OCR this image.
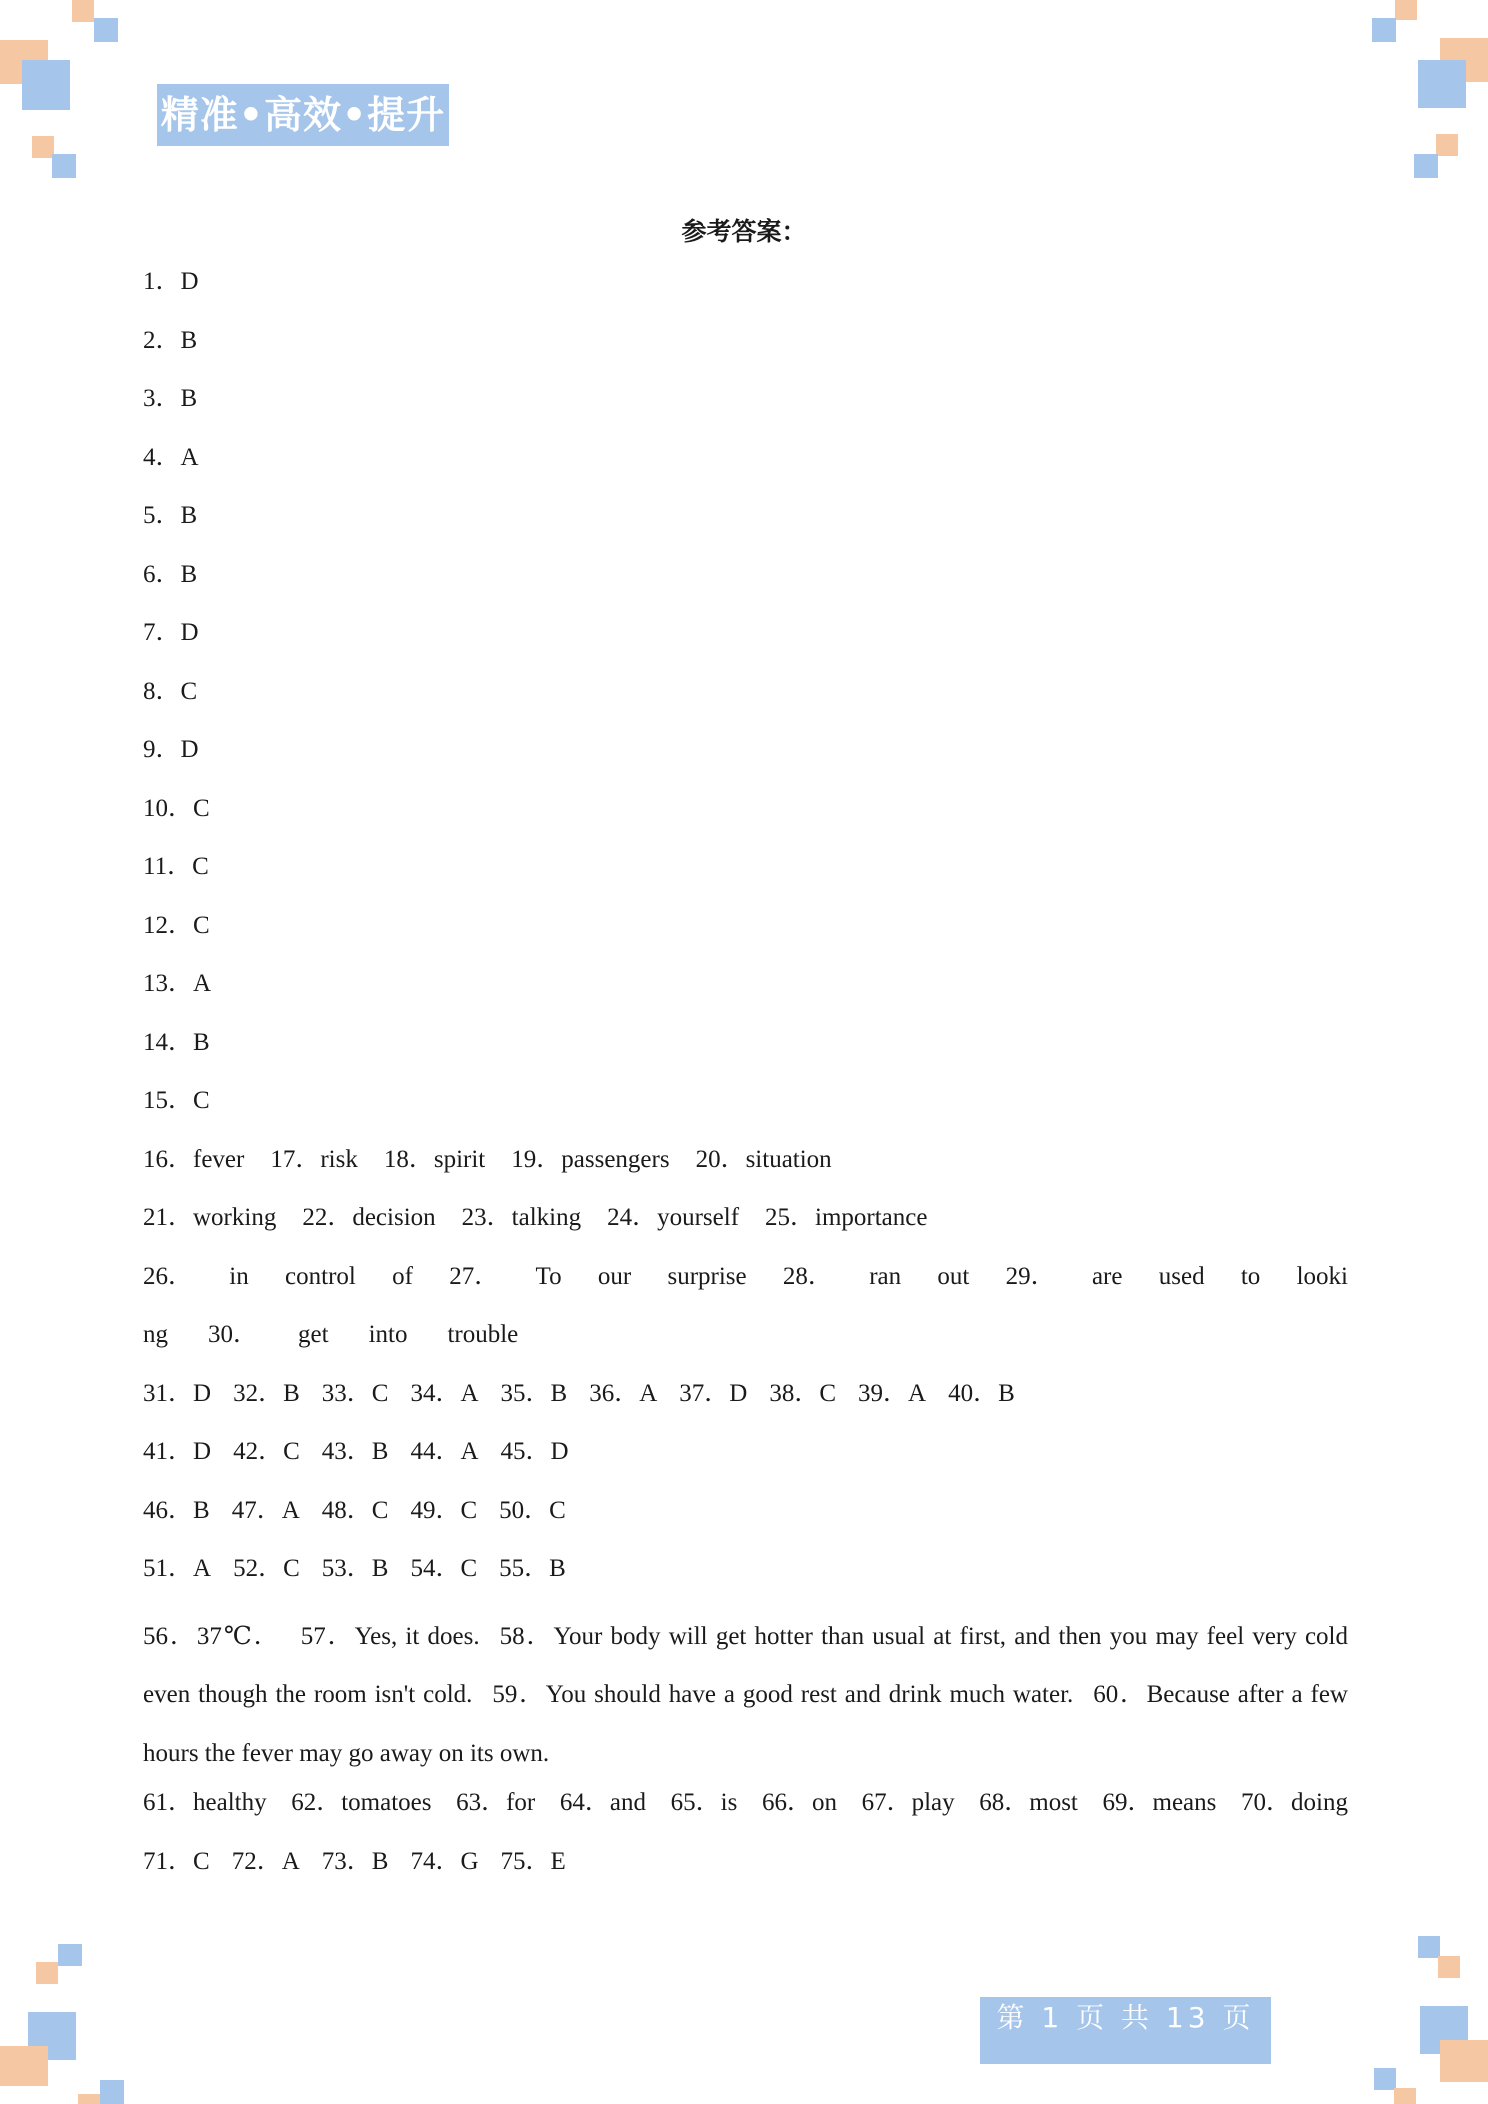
精准•高效•提升
参考答案：
1．D
2．B
3．B
4．A
5．B
6．B
7．D
8．C
9．D
10．C
11．C
12．C
13．A
14．B
15．C
16．fever 17．risk 18．spirit 19．passengers 20．situation
21．working 22．decision 23．talking 24．yourself 25．importance
26． in control of 27． To our surprise 28． ran out 29． are used to looki
ng 30． get into trouble
31．D 32．B 33．C 34．A 35．B 36．A 37．D 38．C 39．A 40．B
41．D 42．C 43．B 44．A 45．D
46．B 47．A 48．C 49．C 50．C
51．A 52．C 53．B 54．C 55．B
56．37℃． 57．Yes, it does. 58．Your body will get hotter than usual at first, and then you may feel very cold even though the room isn't cold. 59．You should have a good rest and drink much water. 60．Because after a few hours the fever may go away on its own.
61．healthy 62．tomatoes 63．for 64．and 65．is 66．on 67．play 68．most 69．means 70．doing
71．C 72．A 73．B 74．G 75．E
第 1 页 共 13 页
